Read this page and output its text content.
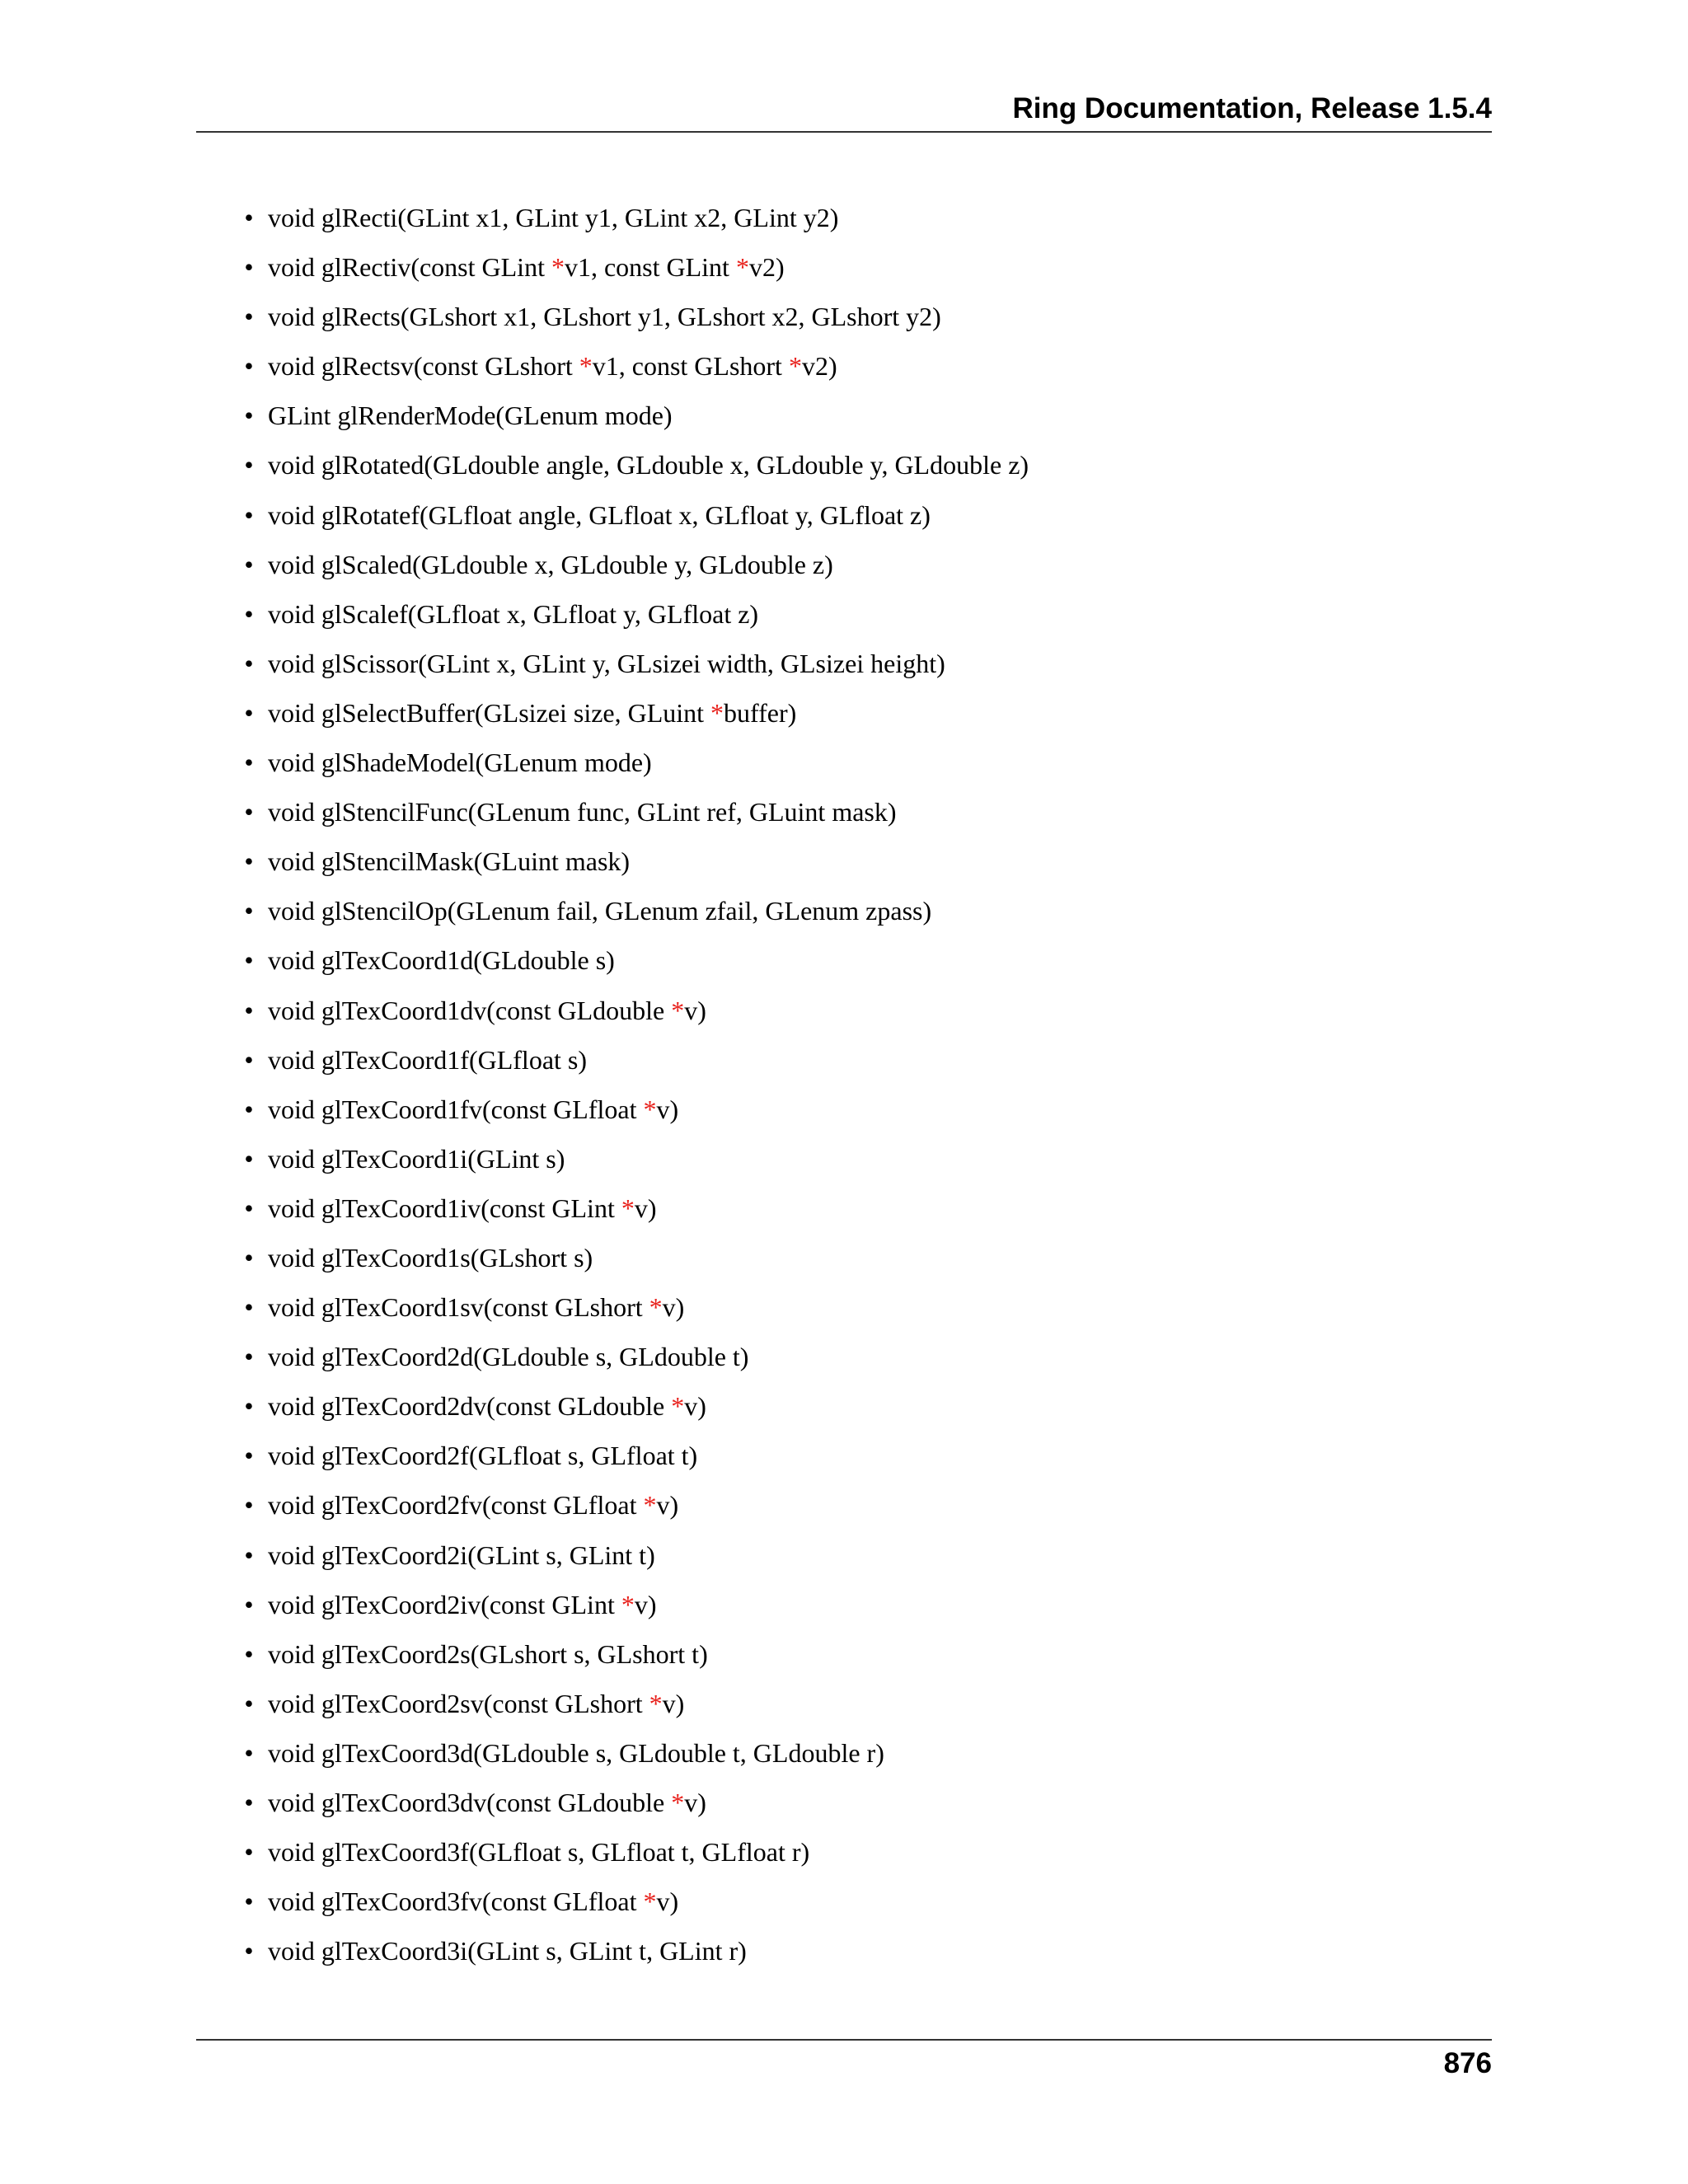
Ring Documentation, Release 1.5.4
• void glRecti(GLint x1, GLint y1, GLint x2, GLint y2)
• void glRectiv(const GLint *v1, const GLint *v2)
• void glRects(GLshort x1, GLshort y1, GLshort x2, GLshort y2)
• void glRectsv(const GLshort *v1, const GLshort *v2)
• GLint glRenderMode(GLenum mode)
• void glRotated(GLdouble angle, GLdouble x, GLdouble y, GLdouble z)
• void glRotatef(GLfloat angle, GLfloat x, GLfloat y, GLfloat z)
• void glScaled(GLdouble x, GLdouble y, GLdouble z)
• void glScalef(GLfloat x, GLfloat y, GLfloat z)
• void glScissor(GLint x, GLint y, GLsizei width, GLsizei height)
• void glSelectBuffer(GLsizei size, GLuint *buffer)
• void glShadeModel(GLenum mode)
• void glStencilFunc(GLenum func, GLint ref, GLuint mask)
• void glStencilMask(GLuint mask)
• void glStencilOp(GLenum fail, GLenum zfail, GLenum zpass)
• void glTexCoord1d(GLdouble s)
• void glTexCoord1dv(const GLdouble *v)
• void glTexCoord1f(GLfloat s)
• void glTexCoord1fv(const GLfloat *v)
• void glTexCoord1i(GLint s)
• void glTexCoord1iv(const GLint *v)
• void glTexCoord1s(GLshort s)
• void glTexCoord1sv(const GLshort *v)
• void glTexCoord2d(GLdouble s, GLdouble t)
• void glTexCoord2dv(const GLdouble *v)
• void glTexCoord2f(GLfloat s, GLfloat t)
• void glTexCoord2fv(const GLfloat *v)
• void glTexCoord2i(GLint s, GLint t)
• void glTexCoord2iv(const GLint *v)
• void glTexCoord2s(GLshort s, GLshort t)
• void glTexCoord2sv(const GLshort *v)
• void glTexCoord3d(GLdouble s, GLdouble t, GLdouble r)
• void glTexCoord3dv(const GLdouble *v)
• void glTexCoord3f(GLfloat s, GLfloat t, GLfloat r)
• void glTexCoord3fv(const GLfloat *v)
• void glTexCoord3i(GLint s, GLint t, GLint r)
876
